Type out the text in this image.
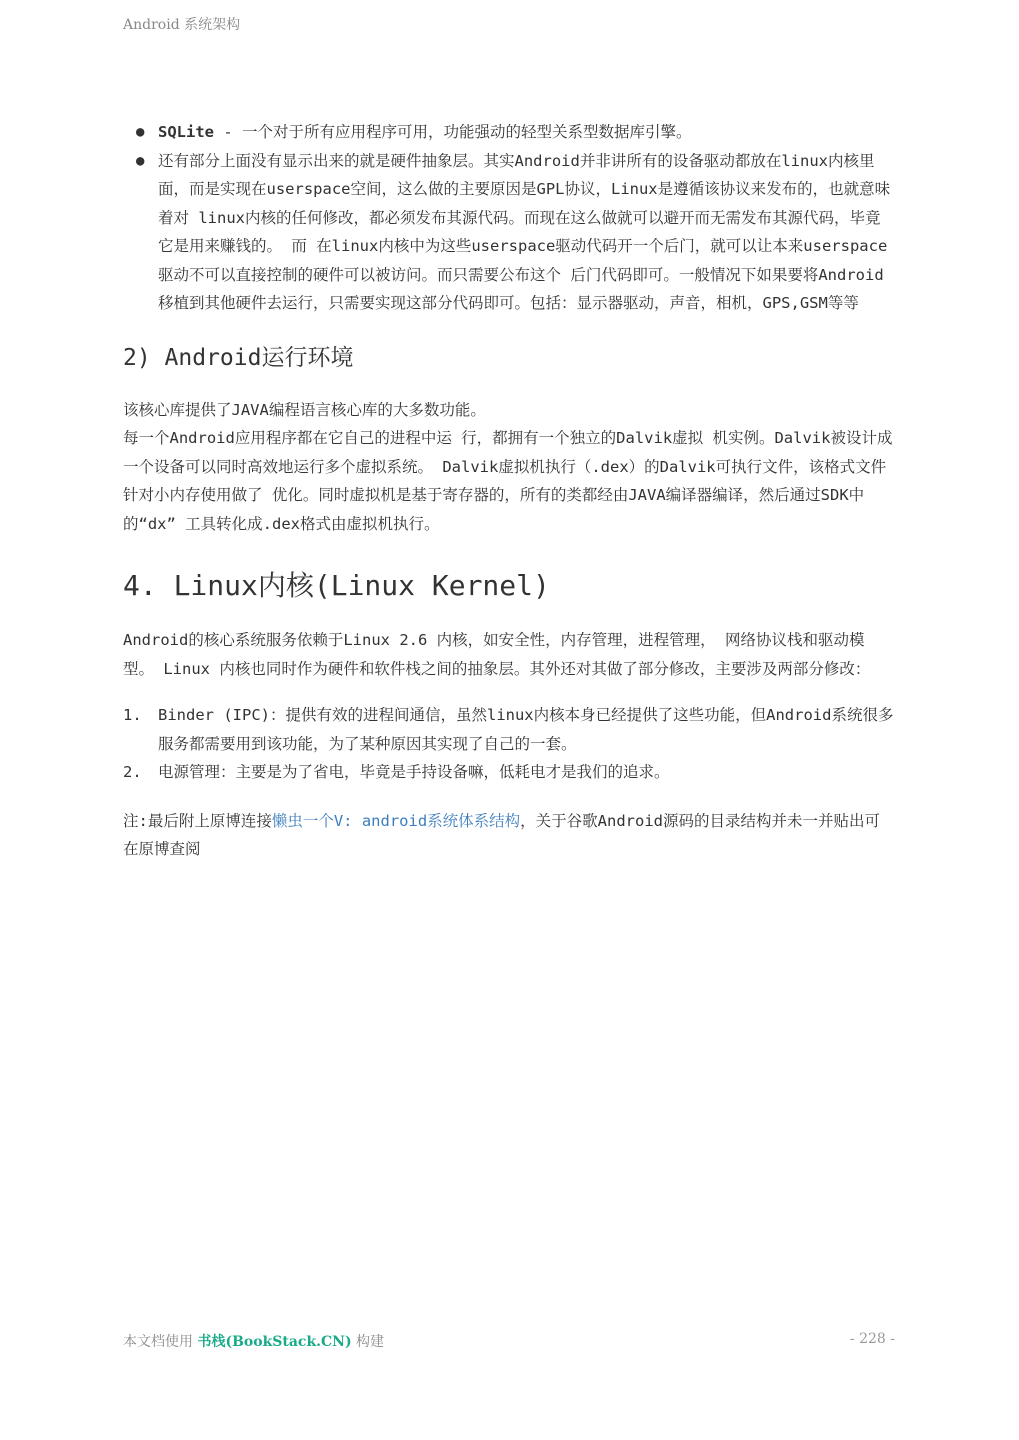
Android 系统架构
● SQLite - 一个对于所有应用程序可用，功能强动的轻型关系型数据库引擎。
● 还有部分上面没有显示出来的就是硬件抽象层。其实Android并非讲所有的设备驱动都放在linux内核里面，而是实现在userspace空间，这么做的主要原因是GPL协议，Linux是遵循该协议来发布的，也就意味着对 linux内核的任何修改，都必须发布其源代码。而现在这么做就可以避开而无需发布其源代码，毕竟它是用来赚钱的。 而 在linux内核中为这些userspace驱动代码开一个后门，就可以让本来userspace驱动不可以直接控制的硬件可以被访问。而只需要公布这个 后门代码即可。一般情况下如果要将Android移植到其他硬件去运行，只需要实现这部分代码即可。包括：显示器驱动，声音，相机，GPS,GSM等等
2) Android运行环境

该核心库提供了JAVA编程语言核心库的大多数功能。

每一个Android应用程序都在它自己的进程中运 行，都拥有一个独立的Dalvik虚拟 机实例。Dalvik被设计成一个设备可以同时高效地运行多个虚拟系统。 Dalvik虚拟机执行（.dex）的Dalvik可执行文件，该格式文件针对小内存使用做了 优化。同时虚拟机是基于寄存器的，所有的类都经由JAVA编译器编译，然后通过SDK中 的“dx” 工具转化成.dex格式由虚拟机执行。

4. Linux内核(Linux Kernel)

Android的核心系统服务依赖于Linux 2.6 内核，如安全性，内存管理，进程管理， 网络协议栈和驱动模型。 Linux 内核也同时作为硬件和软件栈之间的抽象层。其外还对其做了部分修改，主要涉及两部分修改：

1. Binder (IPC)：提供有效的进程间通信，虽然linux内核本身已经提供了这些功能，但Android系统很多服务都需要用到该功能，为了某种原因其实现了自己的一套。
2. 电源管理：主要是为了省电，毕竟是手持设备嘛，低耗电才是我们的追求。

注:最后附上原博连接懒虫一个V: android系统体系结构，关于谷歌Android源码的目录结构并未一并贴出可在原博查阅

本文档使用 书栈(BookStack.CN) 构建	- 228 -
